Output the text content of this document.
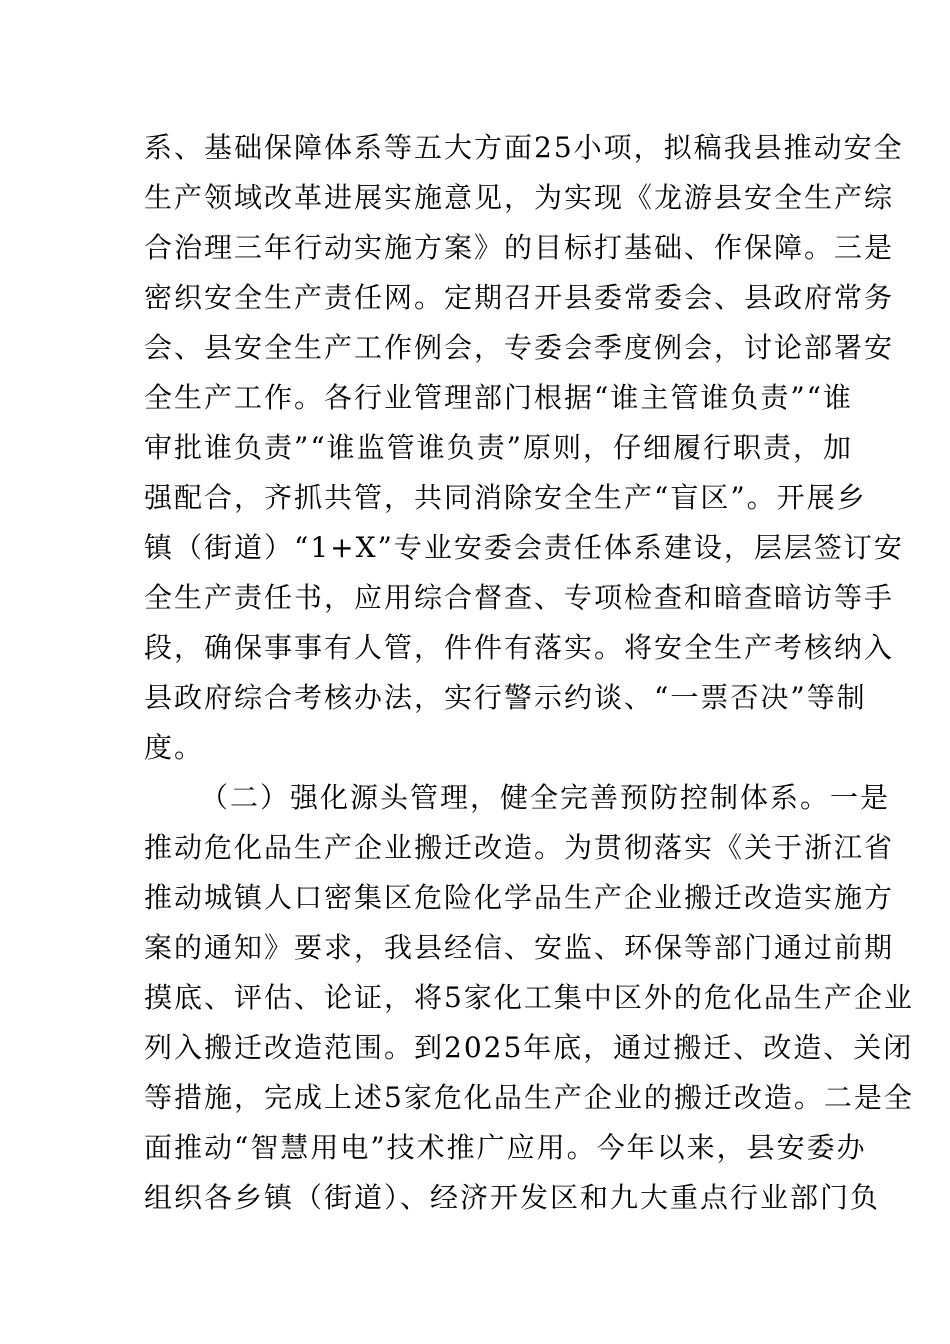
系、基础保障体系等五大方面25小项，拟稿我县推动安全
生产领域改革进展实施意见，为实现《龙游县安全生产综
合治理三年行动实施方案》的目标打基础、作保障。三是
密织安全生产责任网。定期召开县委常委会、县政府常务
会、县安全生产工作例会，专委会季度例会，讨论部署安
全生产工作。各行业管理部门根据“谁主管谁负责”“谁
审批谁负责”“谁监管谁负责”原则，仔细履行职责，加
强配合，齐抓共管，共同消除安全生产“盲区”。开展乡
镇（街道）“1+X”专业安委会责任体系建设，层层签订安
全生产责任书，应用综合督查、专项检查和暗查暗访等手
段，确保事事有人管，件件有落实。将安全生产考核纳入
县政府综合考核办法，实行警示约谈、“一票否决”等制
度。
（二）强化源头管理，健全完善预防控制体系。一是
推动危化品生产企业搬迁改造。为贯彻落实《关于浙江省
推动城镇人口密集区危险化学品生产企业搬迁改造实施方
案的通知》要求，我县经信、安监、环保等部门通过前期
摸底、评估、论证，将5家化工集中区外的危化品生产企业
列入搬迁改造范围。到2025年底，通过搬迁、改造、关闭
等措施，完成上述5家危化品生产企业的搬迁改造。二是全
面推动“智慧用电”技术推广应用。今年以来，县安委办
组织各乡镇（街道）、经济开发区和九大重点行业部门负
